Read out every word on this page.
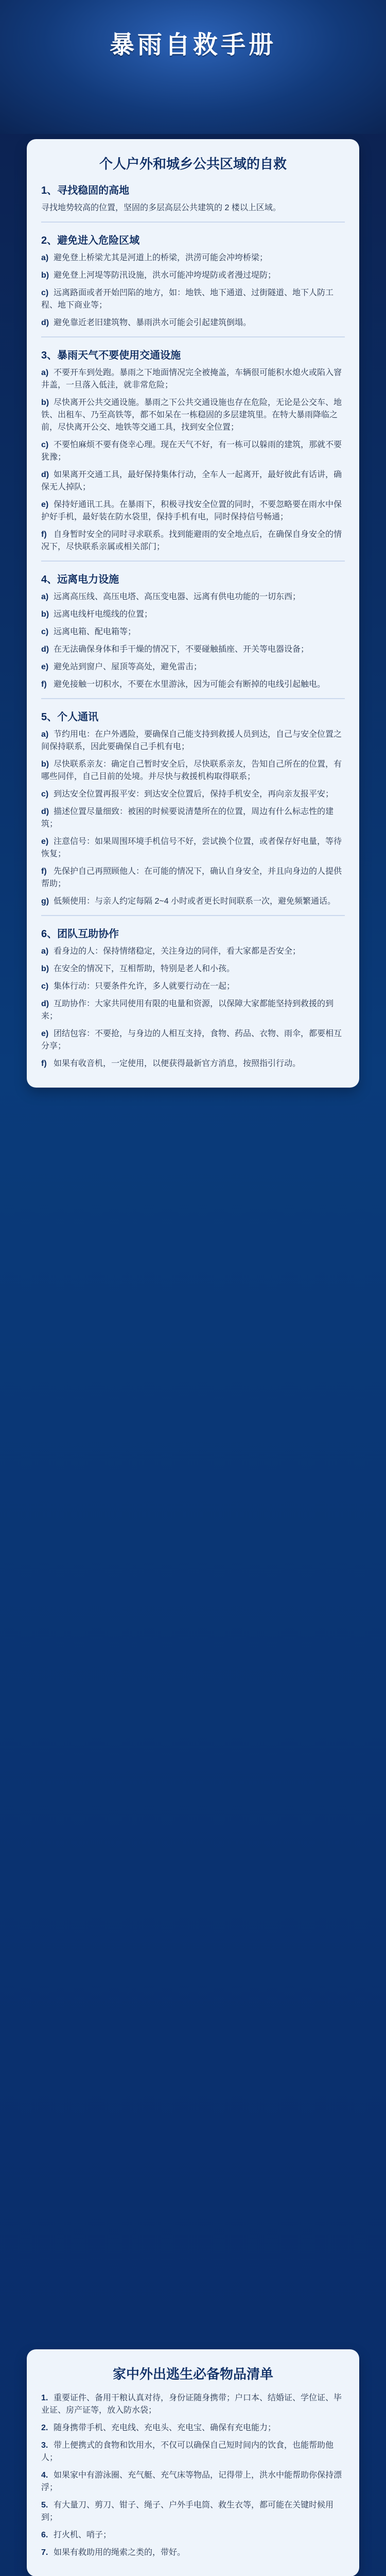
暴雨自救手册
个人户外和城乡公共区域的自救
1、寻找稳固的高地
寻找地势较高的位置，坚固的多层高层公共建筑的 2 楼以上区域。
2、避免进入危险区域
a) 避免登上桥梁尤其是河道上的桥梁，洪涝可能会冲垮桥梁；
b) 避免登上河堤等防汛设施，洪水可能冲垮堤防或者漫过堤防；
c) 远离路面或者开始凹陷的地方，如：地铁、地下通道、过街隧道、地下人防工程、地下商业等；
d) 避免靠近老旧建筑物、暴雨洪水可能会引起建筑倒塌。
3、暴雨天气不要使用交通设施
a) 不要开车到处跑。暴雨之下地面情况完全被掩盖，车辆很可能积水熄火或陷入窨井盖，一旦落入低洼，就非常危险；
b) 尽快离开公共交通设施。暴雨之下公共交通设施也存在危险，无论是公交车、地铁、出租车、乃至高铁等，都不如呆在一栋稳固的多层建筑里。在特大暴雨降临之前，尽快离开公交、地铁等交通工具，找到安全位置；
c) 不要怕麻烦不要有侥幸心理。现在天气不好，有一栋可以躲雨的建筑，那就不要犹豫；
d) 如果离开交通工具，最好保持集体行动，全车人一起离开，最好彼此有话讲，确保无人掉队；
e) 保持好通讯工具。在暴雨下，积极寻找安全位置的同时，不要忽略要在雨水中保护好手机，最好装在防水袋里，保持手机有电，同时保持信号畅通；
f) 自身暂时安全的同时寻求联系。找到能避雨的安全地点后，在确保自身安全的情况下，尽快联系亲属或相关部门；
4、远离电力设施
a) 远离高压线、高压电塔、高压变电器、远离有供电功能的一切东西；
b) 远离电线杆电缆线的位置；
c) 远离电箱、配电箱等；
d) 在无法确保身体和手干燥的情况下，不要碰触插座、开关等电器设备；
e) 避免站到窗户、屋顶等高处，避免雷击；
f) 避免接触一切积水，不要在水里游泳，因为可能会有断掉的电线引起触电。
5、个人通讯
a) 节约用电：在户外遇险，要确保自己能支持到救援人员到达，自己与安全位置之间保持联系，因此要确保自己手机有电；
b) 尽快联系亲友：确定自己暂时安全后，尽快联系亲友，告知自己所在的位置，有哪些同伴，自己目前的处境。并尽快与救援机构取得联系；
c) 到达安全位置再报平安：到达安全位置后，保持手机安全，再向亲友报平安；
d) 描述位置尽量细致：被困的时候要说清楚所在的位置，周边有什么标志性的建筑；
e) 注意信号：如果周围环境手机信号不好，尝试换个位置，或者保存好电量，等待恢复；
f) 先保护自己再照顾他人：在可能的情况下，确认自身安全，并且向身边的人提供帮助；
g) 低频使用：与亲人约定每隔 2~4 小时或者更长时间联系一次，避免频繁通话。
6、团队互助协作
a) 看身边的人：保持情绪稳定，关注身边的同伴，看大家都是否安全；
b) 在安全的情况下，互相帮助，特别是老人和小孩。
c) 集体行动：只要条件允许，多人就要行动在一起；
d) 互助协作：大家共同使用有限的电量和资源，以保障大家都能坚持到救援的到来；
e) 团结包容：不要抢，与身边的人相互支持，食物、药品、衣物、雨伞，都要相互分享；
f) 如果有收音机，一定使用，以便获得最新官方消息，按照指引行动。
家中外出逃生必备物品清单
1. 重要证件、备用干粮认真对待，身份证随身携带；户口本、结婚证、学位证、毕业证、房产证等，放入防水袋；
2. 随身携带手机、充电线、充电头、充电宝、确保有充电能力；
3. 带上便携式的食物和饮用水，不仅可以确保自己短时间内的饮食，也能帮助他人；
4. 如果家中有游泳圈、充气艇、充气床等物品，记得带上，洪水中能帮助你保持漂浮；
5. 有大量刀、剪刀、钳子、绳子、户外手电筒、救生衣等，都可能在关键时候用到；
6. 打火机、哨子；
7. 如果有救助用的绳索之类的，带好。
